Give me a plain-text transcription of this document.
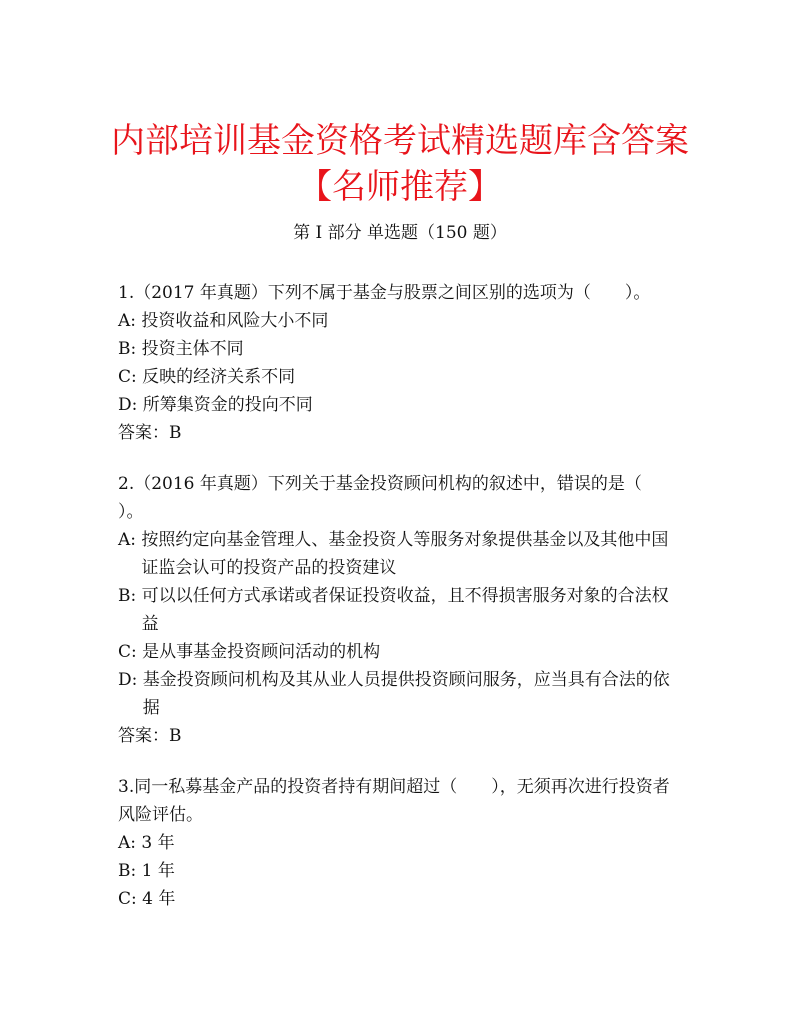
内部培训基金资格考试精选题库含答案【名师推荐】
第 I 部分 单选题（150 题）

1.（2017 年真题）下列不属于基金与股票之间区别的选项为（　　）。

A: 投资收益和风险大小不同
B: 投资主体不同
C: 反映的经济关系不同
D: 所筹集资金的投向不同

答案：B

2.（2016 年真题）下列关于基金投资顾问机构的叙述中，错误的是（　　）。

A: 按照约定向基金管理人、基金投资人等服务对象提供基金以及其他中国证监会认可的投资产品的投资建议
B: 可以以任何方式承诺或者保证投资收益，且不得损害服务对象的合法权益
C: 是从事基金投资顾问活动的机构
D: 基金投资顾问机构及其从业人员提供投资顾问服务，应当具有合法的依据

答案：B

3.同一私募基金产品的投资者持有期间超过（　　），无须再次进行投资者风险评估。

A: 3 年
B: 1 年
C: 4 年
